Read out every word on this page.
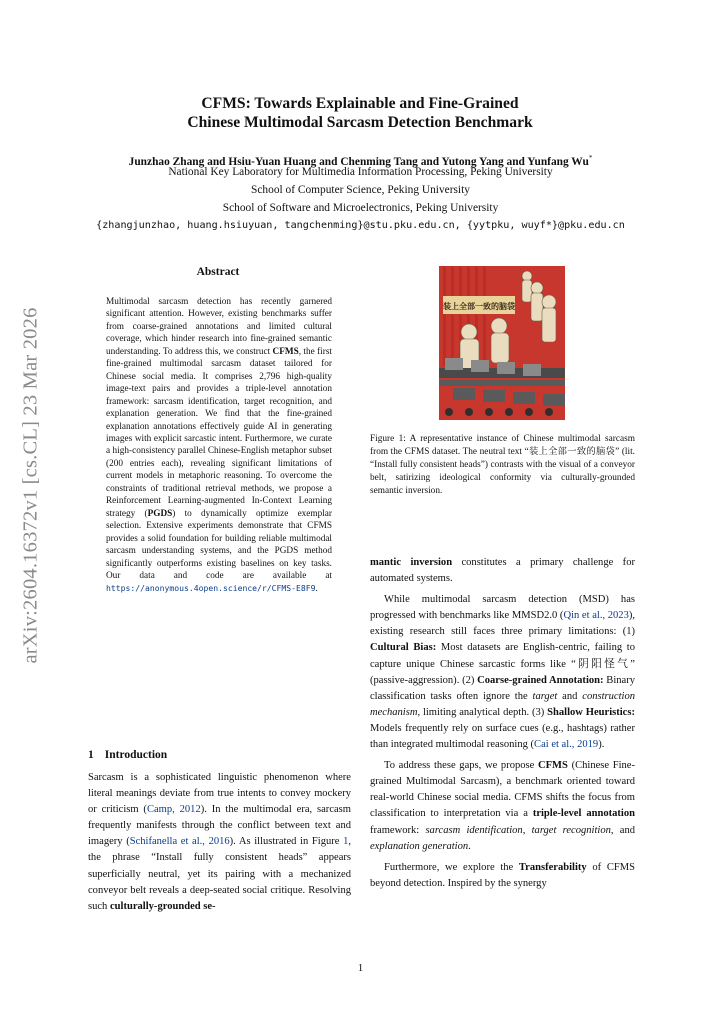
arXiv:2604.16372v1 [cs.CL] 23 Mar 2026
CFMS: Towards Explainable and Fine-Grained
Chinese Multimodal Sarcasm Detection Benchmark
Junzhao Zhang and Hsiu-Yuan Huang and Chenming Tang and Yutong Yang and Yunfang Wu*
National Key Laboratory for Multimedia Information Processing, Peking University
School of Computer Science, Peking University
School of Software and Microelectronics, Peking University
{zhangjunzhao, huang.hsiuyuan, tangchenming}@stu.pku.edu.cn, {yytpku, wuyf*}@pku.edu.cn
Abstract
Multimodal sarcasm detection has recently garnered significant attention. However, existing benchmarks suffer from coarse-grained annotations and limited cultural coverage, which hinder research into fine-grained semantic understanding. To address this, we construct CFMS, the first fine-grained multimodal sarcasm dataset tailored for Chinese social media. It comprises 2,796 high-quality image-text pairs and provides a triple-level annotation framework: sarcasm identification, target recognition, and explanation generation. We find that the fine-grained explanation annotations effectively guide AI in generating images with explicit sarcastic intent. Furthermore, we curate a high-consistency parallel Chinese-English metaphor subset (200 entries each), revealing significant limitations of current models in metaphoric reasoning. To overcome the constraints of traditional retrieval methods, we propose a Reinforcement Learning-augmented In-Context Learning strategy (PGDS) to dynamically optimize exemplar selection. Extensive experiments demonstrate that CFMS provides a solid foundation for building reliable multimodal sarcasm understanding systems, and the PGDS method significantly outperforms existing baselines on key tasks. Our data and code are available at https://anonymous.4open.science/r/CFMS-E8F9.
1 Introduction

Sarcasm is a sophisticated linguistic phenomenon where literal meanings deviate from true intents to convey mockery or criticism (Camp, 2012). In the multimodal era, sarcasm frequently manifests through the conflict between text and imagery (Schifanella et al., 2016). As illustrated in Figure 1, the phrase “Install fully consistent heads” appears superficially neutral, yet its pairing with a mechanized conveyor belt reveals a deep-seated social critique. Resolving such culturally-grounded se-

装上全部一致的脑袋
Figure 1: A representative instance of Chinese multimodal sarcasm from the CFMS dataset. The neutral text “装上全部一致的脑袋” (lit. “Install fully consistent heads”) contrasts with the visual of a conveyor belt, satirizing ideological conformity via culturally-grounded semantic inversion.

mantic inversion constitutes a primary challenge for automated systems.

While multimodal sarcasm detection (MSD) has progressed with benchmarks like MMSD2.0 (Qin et al., 2023), existing research still faces three primary limitations: (1) Cultural Bias: Most datasets are English-centric, failing to capture unique Chinese sarcastic forms like “阴阳怪气” (passive-aggression). (2) Coarse-grained Annotation: Binary classification tasks often ignore the target and construction mechanism, limiting analytical depth. (3) Shallow Heuristics: Models frequently rely on surface cues (e.g., hashtags) rather than integrated multimodal reasoning (Cai et al., 2019).

To address these gaps, we propose CFMS (Chinese Fine-grained Multimodal Sarcasm), a benchmark oriented toward real-world Chinese social media. CFMS shifts the focus from classification to interpretation via a triple-level annotation framework: sarcasm identification, target recognition, and explanation generation.

Furthermore, we explore the Transferability of CFMS beyond detection. Inspired by the synergy

1
